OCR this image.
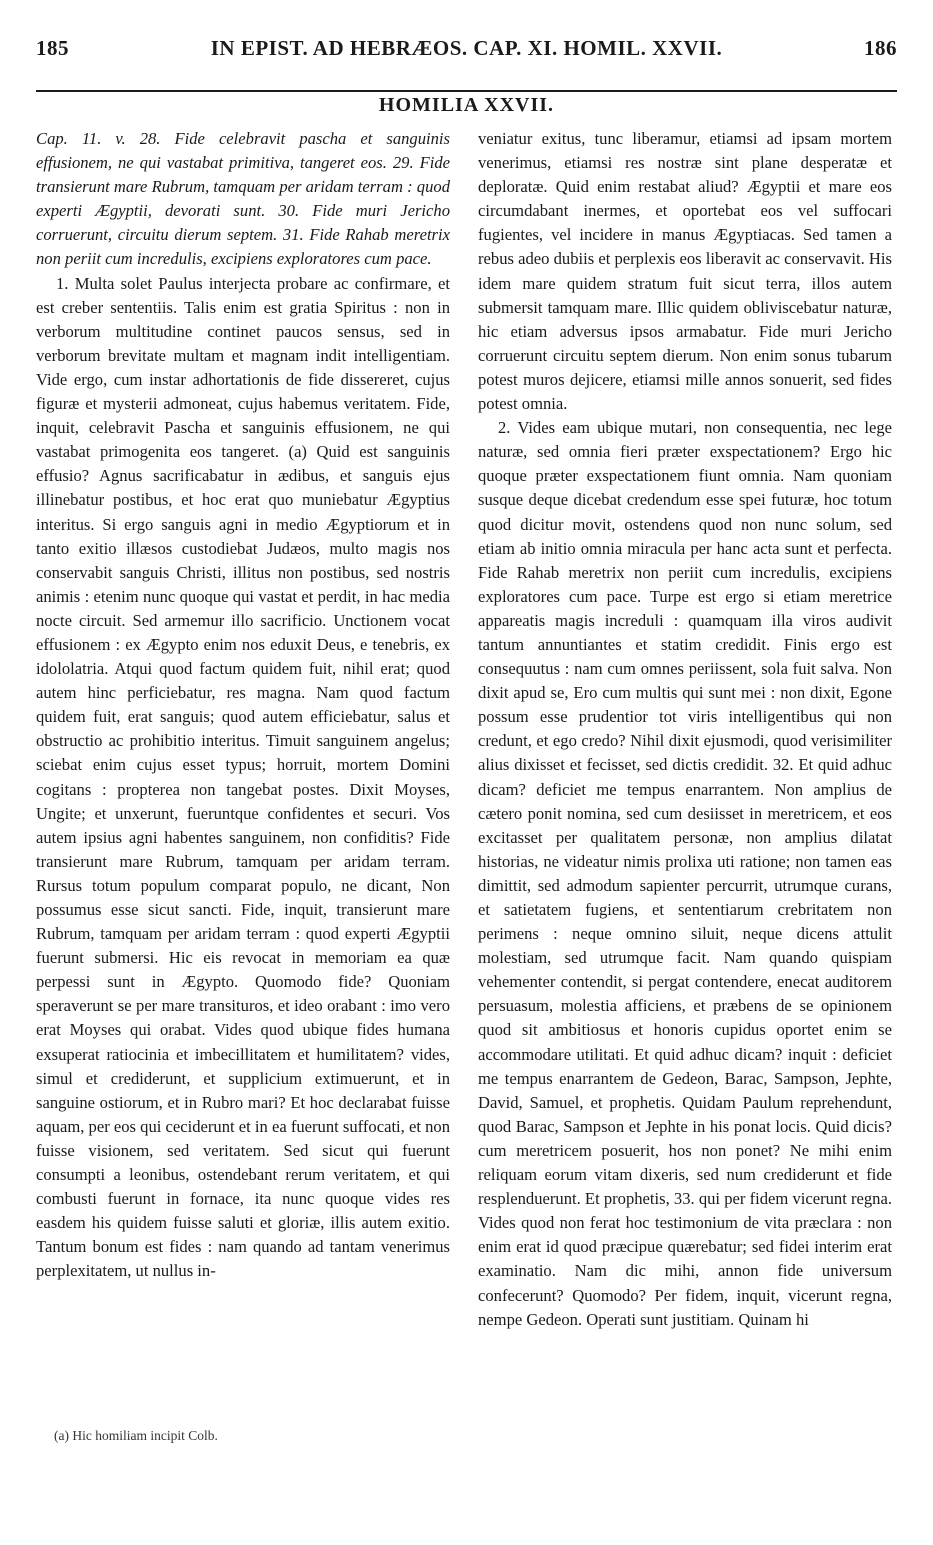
185	IN EPIST. AD HEBRÆOS. CAP. XI. HOMIL. XXVII.	186
HOMILIA XXVII.

Cap. 11. v. 28. Fide celebravit pascha et sanguinis effusionem, ne qui vastabat primitiva, tangeret eos. 29. Fide transierunt mare Rubrum, tamquam per aridam terram : quod experti Ægyptii, devorati sunt. 30. Fide muri Jericho corruerunt, circuitu dierum septem. 31. Fide Rahab meretrix non periit cum incredulis, excipiens exploratores cum pace.

1. Multa solet Paulus interjecta probare ac confirmare, et est creber sententiis. Talis enim est gratia Spiritus : non in verborum multitudine continet paucos sensus, sed in verborum brevitate multam et magnam indit intelligentiam. Vide ergo, cum instar adhortationis de fide dissereret, cujus figuræ et mysterii admoneat, cujus habemus veritatem. Fide, inquit, celebravit Pascha et sanguinis effusionem, ne qui vastabat primogenita eos tangeret. (a) Quid est sanguinis effusio? Agnus sacrificabatur in ædibus, et sanguis ejus illinebatur postibus, et hoc erat quo muniebatur Ægyptius interitus. Si ergo sanguis agni in medio Ægyptiorum et in tanto exitio illæsos custodiebat Judæos, multo magis nos conservabit sanguis Christi, illitus non postibus, sed nostris animis : etenim nunc quoque qui vastat et perdit, in hac media nocte circuit. Sed armemur illo sacrificio. Unctionem vocat effusionem : ex Ægypto enim nos eduxit Deus, e tenebris, ex idololatria. Atqui quod factum quidem fuit, nihil erat; quod autem hinc perficiebatur, res magna. Nam quod factum quidem fuit, erat sanguis; quod autem efficiebatur, salus et obstructio ac prohibitio interitus. Timuit sanguinem angelus; sciebat enim cujus esset typus; horruit, mortem Domini cogitans : propterea non tangebat postes. Dixit Moyses, Ungite; et unxerunt, fueruntque confidentes et securi. Vos autem ipsius agni habentes sanguinem, non confiditis? Fide transierunt mare Rubrum, tamquam per aridam terram. Rursus totum populum comparat populo, ne dicant, Non possumus esse sicut sancti. Fide, inquit, transierunt mare Rubrum, tamquam per aridam terram : quod experti Ægyptii fuerunt submersi. Hic eis revocat in memoriam ea quæ perpessi sunt in Ægypto. Quomodo fide? Quoniam speraverunt se per mare transituros, et ideo orabant : imo vero erat Moyses qui orabat. Vides quod ubique fides humana exsuperat ratiocinia et imbecillitatem et humilitatem? vides, simul et crediderunt, et supplicium extimuerunt, et in sanguine ostiorum, et in Rubro mari? Et hoc declarabat fuisse aquam, per eos qui ceciderunt et in ea fuerunt suffocati, et non fuisse visionem, sed veritatem. Sed sicut qui fuerunt consumpti a leonibus, ostendebant rerum veritatem, et qui combusti fuerunt in fornace, ita nunc quoque vides res easdem his quidem fuisse saluti et gloriæ, illis autem exitio. Tantum bonum est fides : nam quando ad tantam venerimus perplexitatem, ut nullus in-

veniatur exitus, tunc liberamur, etiamsi ad ipsam mortem venerimus, etiamsi res nostræ sint plane desperatæ et deploratæ. Quid enim restabat aliud? Ægyptii et mare eos circumdabant inermes, et oportebat eos vel suffocari fugientes, vel incidere in manus Ægyptiacas. Sed tamen a rebus adeo dubiis et perplexis eos liberavit ac conservavit. His idem mare quidem stratum fuit sicut terra, illos autem submersit tamquam mare. Illic quidem obliviscebatur naturæ, hic etiam adversus ipsos armabatur. Fide muri Jericho corruerunt circuitu septem dierum. Non enim sonus tubarum potest muros dejicere, etiamsi mille annos sonuerit, sed fides potest omnia.

2. Vides eam ubique mutari, non consequentia, nec lege naturæ, sed omnia fieri præter exspectationem? Ergo hic quoque præter exspectationem fiunt omnia. Nam quoniam susque deque dicebat credendum esse spei futuræ, hoc totum quod dicitur movit, ostendens quod non nunc solum, sed etiam ab initio omnia miracula per hanc acta sunt et perfecta. Fide Rahab meretrix non periit cum incredulis, excipiens exploratores cum pace. Turpe est ergo si etiam meretrice appareatis magis increduli : quamquam illa viros audivit tantum annuntiantes et statim credidit. Finis ergo est consequutus : nam cum omnes periissent, sola fuit salva. Non dixit apud se, Ero cum multis qui sunt mei : non dixit, Egone possum esse prudentior tot viris intelligentibus qui non credunt, et ego credo? Nihil dixit ejusmodi, quod verisimiliter alius dixisset et fecisset, sed dictis credidit. 32. Et quid adhuc dicam? deficiet me tempus enarrantem. Non amplius de cætero ponit nomina, sed cum desiisset in meretricem, et eos excitasset per qualitatem personæ, non amplius dilatat historias, ne videatur nimis prolixa uti ratione; non tamen eas dimittit, sed admodum sapienter percurrit, utrumque curans, et satietatem fugiens, et sententiarum crebritatem non perimens : neque omnino siluit, neque dicens attulit molestiam, sed utrumque facit. Nam quando quispiam vehementer contendit, si pergat contendere, enecat auditorem persuasum, molestia afficiens, et præbens de se opinionem quod sit ambitiosus et honoris cupidus oportet enim se accommodare utilitati. Et quid adhuc dicam? inquit : deficiet me tempus enarrantem de Gedeon, Barac, Sampson, Jephte, David, Samuel, et prophetis. Quidam Paulum reprehendunt, quod Barac, Sampson et Jephte in his ponat locis. Quid dicis? cum meretricem posuerit, hos non ponet? Ne mihi enim reliquam eorum vitam dixeris, sed num crediderunt et fide resplenduerunt. Et prophetis, 33. qui per fidem vicerunt regna. Vides quod non ferat hoc testimonium de vita præclara : non enim erat id quod præcipue quærebatur; sed fidei interim erat examinatio. Nam dic mihi, annon fide universum confecerunt? Quomodo? Per fidem, inquit, vicerunt regna, nempe Gedeon. Operati sunt justitiam. Quinam hi

(a) Hic homiliam incipit Colb.
